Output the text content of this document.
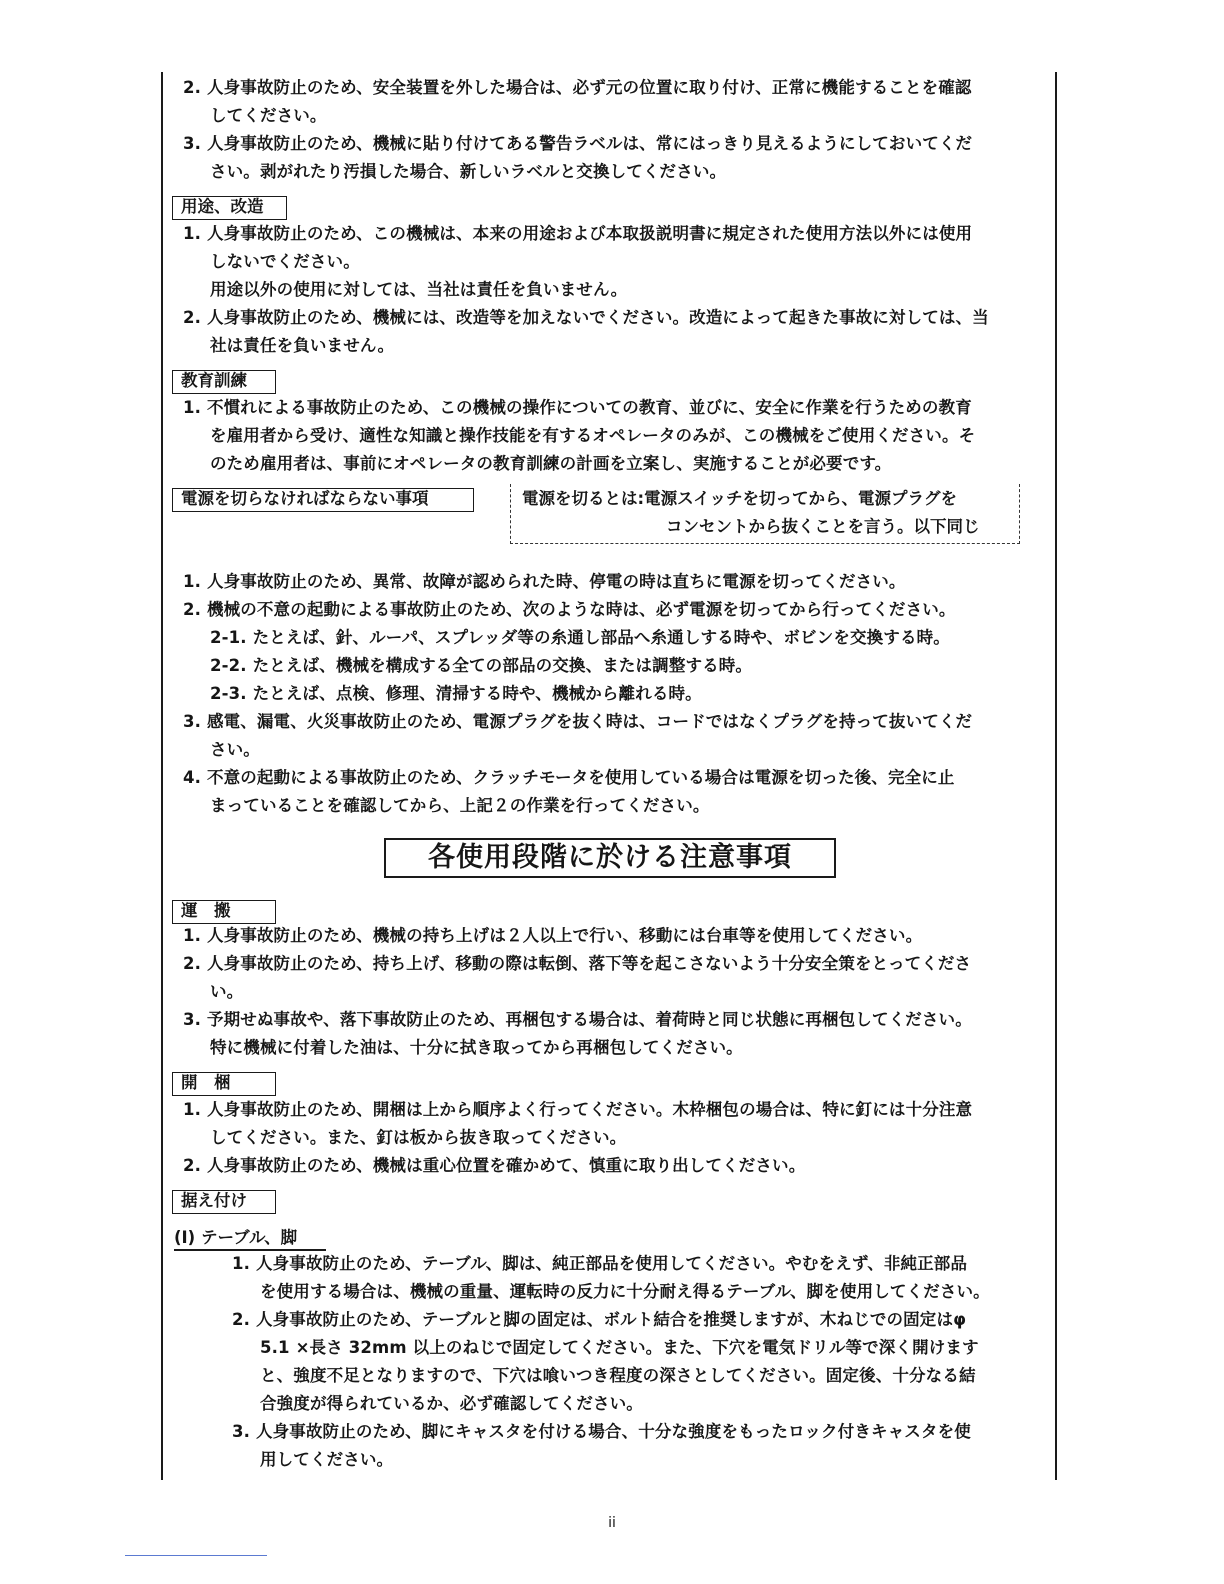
2. 人身事故防止のため、安全装置を外した場合は、必ず元の位置に取り付け、正常に機能することを確認
してください。
3. 人身事故防止のため、機械に貼り付けてある警告ラベルは、常にはっきり見えるようにしておいてくだ
さい。剥がれたり汚損した場合、新しいラベルと交換してください。
用途、改造
1. 人身事故防止のため、この機械は、本来の用途および本取扱説明書に規定された使用方法以外には使用
しないでください。
用途以外の使用に対しては、当社は責任を負いません。
2. 人身事故防止のため、機械には、改造等を加えないでください。改造によって起きた事故に対しては、当
社は責任を負いません。
教育訓練
1. 不慣れによる事故防止のため、この機械の操作についての教育、並びに、安全に作業を行うための教育
を雇用者から受け、適性な知識と操作技能を有するオペレータのみが、この機械をご使用ください。そ
のため雇用者は、事前にオペレータの教育訓練の計画を立案し、実施することが必要です。
電源を切らなければならない事項	電源を切るとは:電源スイッチを切ってから、電源プラグを
コンセントから抜くことを言う。以下同じ
1. 人身事故防止のため、異常、故障が認められた時、停電の時は直ちに電源を切ってください。
2. 機械の不意の起動による事故防止のため、次のような時は、必ず電源を切ってから行ってください。
2-1. たとえば、針、ルーパ、スプレッダ等の糸通し部品へ糸通しする時や、ボビンを交換する時。
2-2. たとえば、機械を構成する全ての部品の交換、または調整する時。
2-3. たとえば、点検、修理、清掃する時や、機械から離れる時。
3. 感電、漏電、火災事故防止のため、電源プラグを抜く時は、コードではなくプラグを持って抜いてくだ
さい。
4. 不意の起動による事故防止のため、クラッチモータを使用している場合は電源を切った後、完全に止
まっていることを確認してから、上記２の作業を行ってください。
各使用段階に於ける注意事項
運　搬
1. 人身事故防止のため、機械の持ち上げは２人以上で行い、移動には台車等を使用してください。
2. 人身事故防止のため、持ち上げ、移動の際は転倒、落下等を起こさないよう十分安全策をとってくださ
い。
3. 予期せぬ事故や、落下事故防止のため、再梱包する場合は、着荷時と同じ状態に再梱包してください。
特に機械に付着した油は、十分に拭き取ってから再梱包してください。
開　梱
1. 人身事故防止のため、開梱は上から順序よく行ってください。木枠梱包の場合は、特に釘には十分注意
してください。また、釘は板から抜き取ってください。
2. 人身事故防止のため、機械は重心位置を確かめて、慎重に取り出してください。
据え付け
(Ⅰ) テーブル、脚
1. 人身事故防止のため、テーブル、脚は、純正部品を使用してください。やむをえず、非純正部品
を使用する場合は、機械の重量、運転時の反力に十分耐え得るテーブル、脚を使用してください。
2. 人身事故防止のため、テーブルと脚の固定は、ボルト結合を推奨しますが、木ねじでの固定はφ
5.1 ×長さ 32mm 以上のねじで固定してください。また、下穴を電気ドリル等で深く開けます
と、強度不足となりますので、下穴は喰いつき程度の深さとしてください。固定後、十分なる結
合強度が得られているか、必ず確認してください。
3. 人身事故防止のため、脚にキャスタを付ける場合、十分な強度をもったロック付きキャスタを使
用してください。
ii
